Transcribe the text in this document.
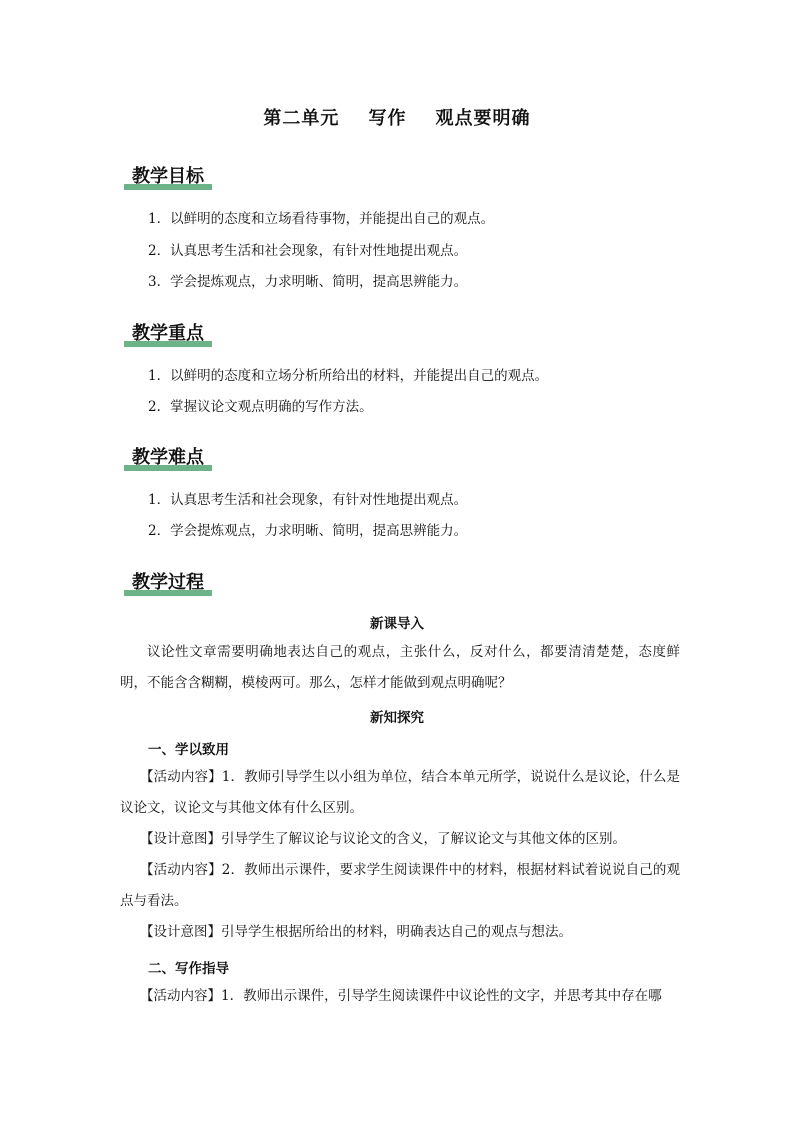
第二单元    写作    观点要明确
教学目标
1．以鲜明的态度和立场看待事物，并能提出自己的观点。
2．认真思考生活和社会现象，有针对性地提出观点。
3．学会提炼观点，力求明晰、简明，提高思辨能力。
教学重点
1．以鲜明的态度和立场分析所给出的材料，并能提出自己的观点。
2．掌握议论文观点明确的写作方法。
教学难点
1．认真思考生活和社会现象，有针对性地提出观点。
2．学会提炼观点，力求明晰、简明，提高思辨能力。
教学过程
新课导入
议论性文章需要明确地表达自己的观点，主张什么，反对什么，都要清清楚楚，态度鲜明，不能含含糊糊，模棱两可。那么，怎样才能做到观点明确呢？
新知探究
一、学以致用
【活动内容】1．教师引导学生以小组为单位，结合本单元所学，说说什么是议论，什么是议论文，议论文与其他文体有什么区别。
【设计意图】引导学生了解议论与议论文的含义，了解议论文与其他文体的区别。
【活动内容】2．教师出示课件，要求学生阅读课件中的材料，根据材料试着说说自己的观点与看法。
【设计意图】引导学生根据所给出的材料，明确表达自己的观点与想法。
二、写作指导
【活动内容】1．教师出示课件，引导学生阅读课件中议论性的文字，并思考其中存在哪
